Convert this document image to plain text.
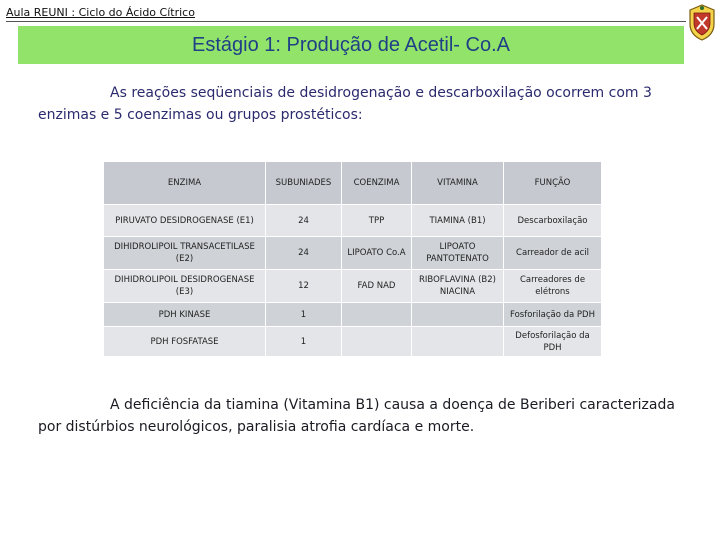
Aula REUNI : Ciclo do Ácido Cítrico
Estágio 1: Produção de Acetil- Co.A
As reações seqüenciais de desidrogenação e descarboxilação ocorrem com 3 enzimas e 5 coenzimas ou grupos prostéticos:
ENZIMA	SUBUNIADES	COENZIMA	VITAMINA	FUNÇÃO
PIRUVATO DESIDROGENASE (E1)	24	TPP	TIAMINA (B1)	Descarboxilação
DIHIDROLIPOIL TRANSACETILASE (E2)	24	LIPOATO Co.A	LIPOATO PANTOTENATO	Carreador de acil
DIHIDROLIPOIL DESIDROGENASE (E3)	12	FAD NAD	RIBOFLAVINA (B2) NIACINA	Carreadores de elétrons
PDH KINASE	1			Fosforilação da PDH
PDH FOSFATASE	1			Defosforilação da PDH
A deficiência da tiamina (Vitamina B1) causa a doença de Beriberi caracterizada por distúrbios neurológicos, paralisia atrofia cardíaca e morte.
